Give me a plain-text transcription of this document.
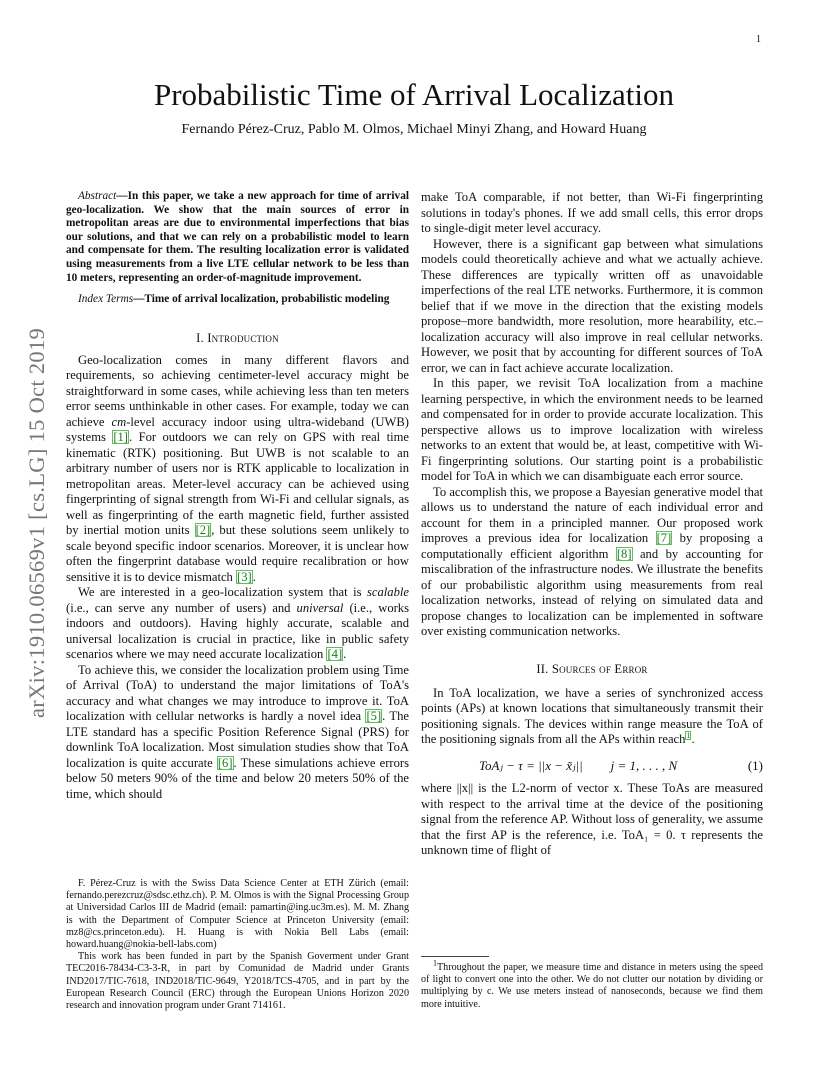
1
Probabilistic Time of Arrival Localization
Fernando Pérez-Cruz, Pablo M. Olmos, Michael Minyi Zhang, and Howard Huang
arXiv:1910.06569v1 [cs.LG] 15 Oct 2019

Abstract—In this paper, we take a new approach for time of arrival geo-localization. We show that the main sources of error in metropolitan areas are due to environmental imperfections that bias our solutions, and that we can rely on a probabilistic model to learn and compensate for them. The resulting localization error is validated using measurements from a live LTE cellular network to be less than 10 meters, representing an order-of-magnitude improvement.

Index Terms—Time of arrival localization, probabilistic modeling

I. Introduction

Geo-localization comes in many different flavors and requirements, so achieving centimeter-level accuracy might be straightforward in some cases, while achieving less than ten meters error seems unthinkable in other cases. For example, today we can achieve cm-level accuracy indoor using ultra-wideband (UWB) systems [1]. For outdoors we can rely on GPS with real time kinematic (RTK) positioning. But UWB is not scalable to an arbitrary number of users nor is RTK applicable to localization in metropolitan areas. Meter-level accuracy can be achieved using fingerprinting of signal strength from Wi-Fi and cellular signals, as well as fingerprinting of the earth magnetic field, further assisted by inertial motion units [2], but these solutions seem unlikely to scale beyond specific indoor scenarios. Moreover, it is unclear how often the fingerprint database would require recalibration or how sensitive it is to device mismatch [3].

We are interested in a geo-localization system that is scalable (i.e., can serve any number of users) and universal (i.e., works indoors and outdoors). Having highly accurate, scalable and universal localization is crucial in practice, like in public safety scenarios where we may need accurate localization [4].

To achieve this, we consider the localization problem using Time of Arrival (ToA) to understand the major limitations of ToA's accuracy and what changes we may introduce to improve it. ToA localization with cellular networks is hardly a novel idea [5]. The LTE standard has a specific Position Reference Signal (PRS) for downlink ToA localization. Most simulation studies show that ToA localization is quite accurate [6]. These simulations achieve errors below 50 meters 90% of the time and below 20 meters 50% of the time, which should

F. Pérez-Cruz is with the Swiss Data Science Center at ETH Zürich (email: fernando.perezcruz@sdsc.ethz.ch). P. M. Olmos is with the Signal Processing Group at Universidad Carlos III de Madrid (email: pamartin@ing.uc3m.es). M. M. Zhang is with the Department of Computer Science at Princeton University (email: mz8@cs.princeton.edu). H. Huang is with Nokia Bell Labs (email: howard.huang@nokia-bell-labs.com)

This work has been funded in part by the Spanish Goverment under Grant TEC2016-78434-C3-3-R, in part by Comunidad de Madrid under Grants IND2017/TIC-7618, IND2018/TIC-9649, Y2018/TCS-4705, and in part by the European Research Council (ERC) through the European Unions Horizon 2020 research and innovation program under Grant 714161.

make ToA comparable, if not better, than Wi-Fi fingerprinting solutions in today's phones. If we add small cells, this error drops to single-digit meter level accuracy.

However, there is a significant gap between what simulations models could theoretically achieve and what we actually achieve. These differences are typically written off as unavoidable imperfections of the real LTE networks. Furthermore, it is common belief that if we move in the direction that the existing models propose–more bandwidth, more resolution, more hearability, etc.–localization accuracy will also improve in real cellular networks. However, we posit that by accounting for different sources of ToA error, we can in fact achieve accurate localization.

In this paper, we revisit ToA localization from a machine learning perspective, in which the environment needs to be learned and compensated for in order to provide accurate localization. This perspective allows us to improve localization with wireless networks to an extent that would be, at least, competitive with Wi-Fi fingerprinting solutions. Our starting point is a probabilistic model for ToA in which we can disambiguate each error source.

To accomplish this, we propose a Bayesian generative model that allows us to understand the nature of each individual error and account for them in a principled manner. Our proposed work improves a previous idea for localization [7] by proposing a computationally efficient algorithm [8] and by accounting for miscalibration of the infrastructure nodes. We illustrate the benefits of our probabilistic algorithm using measurements from real localization networks, instead of relying on simulated data and propose changes to localization can be implemented in software over existing communication networks.

II. Sources of Error

In ToA localization, we have a series of synchronized access points (APs) at known locations that simultaneously transmit their positioning signals. The devices within range measure the ToA of the positioning signals from all the APs within reach$^1$.

ToAⱼ − τ = ||x − x̃ⱼ|| j = 1, . . . , N	(1)

where ||x|| is the L2-norm of vector x. These ToAs are measured with respect to the arrival time at the device of the positioning signal from the reference AP. Without loss of generality, we assume that the first AP is the reference, i.e. ToA₁ = 0. τ represents the unknown time of flight of

$^1$Throughout the paper, we measure time and distance in meters using the speed of light to convert one into the other. We do not clutter our notation by dividing or multiplying by c. We use meters instead of nanoseconds, because we find them more intuitive.
